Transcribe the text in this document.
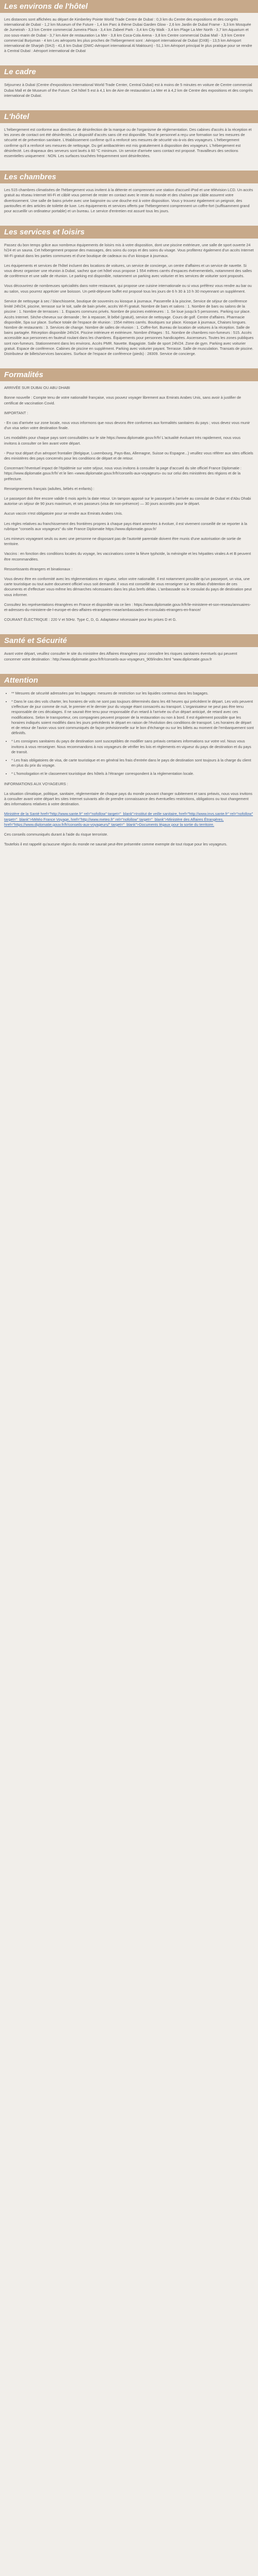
Les environs de l'hôtel

Les distances sont affichées au départ de Kimberley Pointe World Trade Centre de Dubaï : 0,3 km du Centre des expositions et des congrès international de Dubaï - 1,2 km Museum of the Future - 1,4 km Parc à thème Dubai Garden Glow - 2,6 km Jardin de Dubaï Frame - 3,3 km Mosquée de Jumeirah - 3,3 km Centre commercial Jumeira Plaza - 3,4 km Zabeel Park - 3,4 km City Walk - 3,4 km Plage La Mer North - 3,7 km Aquarium et zoo sous-marin de Dubaï - 3,7 km Aire de restauration La Mer - 3,8 km Coca-Cola Arena - 3,8 km Centre commercial Dubai Mall - 3,9 km Centre commercial Burjuman - 4 km Les aéroports les plus proches de l'hébergement sont : Aéroport international de Dubaï (DXB) - 13,5 km Aéroport international de Sharjah (SHJ) - 41,6 km Dubaï (DWC-Aéroport international Al Maktoum) - 51,1 km Aéroport principal le plus pratique pour se rendre à Central Dubaï : Aéroport international de Dubaï

Le cadre

Séjournez à Dubaï (Centre d'expositions International World Trade Center, Central Dubaï) est à moins de 5 minutes en voiture de Centre commercial Dubai Mall et de Museum of the Future. Cet hôtel 5 est à 4,1 km de Aire de restauration La Mer et à 4,2 km de Centre des expositions et des congrès international de Dubaï.

L'hôtel

L'hébergement est conforme aux directives de désinfection de la marque ou de l'organisme de réglementation. Des cabines d'accès à la réception et les zones de contact ont été désinfectés. Le dispositif d'accès sans clé est disponible. Tout le personnel a reçu une formation sur les mesures de sécurité et de prévention sanitaire. L'établissement confirme qu'il a renforcé ses mesures de sécurité vis-à-vis des voyageurs. L'hébergement confirme qu'il a renforcé ses mesures de nettoyage. Du gel antibactérien est mis gratuitement à disposition des voyageurs. L'hébergement est désinfecté. Les drapeaux des serveurs sont lavés à 60 °C minimum. Un service d'arrivée sans contact est proposé. Travailleurs des sections essentielles uniquement : NON. Les surfaces touchées fréquemment sont désinfectées.

Les chambres

Les 515 chambres climatisées de l'hébergement vous invitent à la détente et comprennent une station d'accueil iPod et une télévision LCD. Un accès gratuit au réseau Internet Wi-Fi et câblé vous permet de rester en contact avec le reste du monde et des chaînes par câble assurent votre divertissement. Une salle de bains privée avec une baignoire ou une douche est à votre disposition. Vous y trouvez également un peignoir, des pantoufles et des articles de toilette de luxe. Les équipements et services offerts par l'hébergement comprennent un coffre-fort (suffisamment grand pour accueillir un ordinateur portable) et un bureau. Le service d'entretien est assuré tous les jours.

Les services et loisirs

Passez du bon temps grâce aux nombreux équipements de loisirs mis à votre disposition, dont une piscine extérieure, une salle de sport ouverte 24 h/24 et un sauna. Cet hébergement propose des massages, des soins du corps et des soins du visage. Vous profiterez également d'un accès Internet Wi-Fi gratuit dans les parties communes et d'une boutique de cadeaux ou d'un kiosque à journaux.

Les équipements et services de l'hôtel incluent des locations de voitures, un service de concierge, un centre d'affaires et un service de navette. Si vous devez organiser une réunion à Dubaï, sachez que cet hôtel vous propose 1 554 mètres carrés d'espaces événementiels, notamment des salles de conférence et une salle de réunion. Le parking est disponible, notamment un parking avec voiturier et les services de voiturier sont proposés.

Vous découvrirez de nombreuses spécialités dans notre restaurant, qui propose une cuisine internationale ou si vous préférez vous rendre au bar ou au salon, vous pourrez apprécier une boisson. Un petit-déjeuner buffet est proposé tous les jours de 6 h 30 à 10 h 30 moyennant un supplément.

Service de nettoyage à sec / blanchisserie, boutique de souvenirs ou kiosque à journaux. Passerelle à la piscine, Service de séjour de conférence limité 24h/24, piscine, terrasse sur le toit, salle de bain privée, accès Wi-Fi gratuit. Nombre de bars et salons : 1. Nombre de bars ou salons de la piscine : 1. Nombre de terrasses : 1. Espaces communs privés. Nombre de piscines extérieures : 1. Se loue jusqu'à 5 personnes. Parking sur place. Accès Internet. Sèche-cheveux sur demande ; fer à repasser, lit bébé (gratuit), service de nettoyage. Cours de golf. Centre d'affaires. Pharmacie disponible, Spa sur place. Surface totale de l'espace de réunion : 1554 mètres carrés. Boutiques sur place. Kiosque à journaux, Chaises longues. Nombre de restaurants : 3. Services de change. Nombre de salles de réunion : 1. Coffre-fort. Bureau de location de voitures à la réception. Salle de bains partagée. Réception disponible 24h/24. Piscine intérieure et extérieure. Nombre d'étages : 51. Nombre de chambres non-fumeurs : 515. Accès accessible aux personnes en fauteuil roulant dans les chambres. Équipements pour personnes handicapées. Ascenseurs. Toutes les zones publiques sont non-fumeurs. Stationnement dans les environs. Accès PMR. Navette. Bagagiste. Salle de sport 24h/24. Zone de gym. Parking avec voiturier gratuit. Espace de conférence. Cabines de piscine en supplément. Parking avec voiturier payant. Terrasse. Salle de musculation. Transats de piscine. Distributeur de billets/services bancaires. Surface de l'espace de conférence (pieds) : 28309. Service de concierge.

Formalités

ARRIVÉE SUR DUBAI OU ABU DHABI

Bonne nouvelle : Compte tenu de votre nationalité française, vous pouvez voyager librement aux Emirats Arabes Unis, sans avoir à justifier de certificat de vaccination Covid.

IMPORTANT :

- En cas d'arrivée sur zone locale, nous vous informons que nous devons être conformes aux formalités sanitaires du pays ; vous devez vous munir d'un visa selon votre destination finale.

Les modalités pour chaque pays sont consultables sur le site https://www.diplomatie.gouv.fr/fr/ L'actualité évoluant très rapidement, nous vous invitons à consulter ce lien avant votre départ.

- Pour tout départ d'un aéroport frontalier (Belgique, Luxembourg, Pays-Bas, Allemagne, Suisse ou Espagne...) veuillez vous référer aux sites officiels des ministères des pays concernés pour les conditions de départ et de retour.

Concernant l'éventuel impact de l'épidémie sur votre séjour, nous vous invitons à consulter la page d'accueil du site officiel France Diplomatie : https://www.diplomatie.gouv.fr/fr/ et le lien «www.diplomatie.gouv.fr/fr/conseils-aux-voyageurs» ou sur celui des ministères des régions et de la préfecture.

Renseignements français (adultes, bébés et enfants) :

Le passeport doit être encore valide 6 mois après la date retour. Un tampon apposé sur le passeport à l'arrivée au consulat de Dubaï et d'Abu Dhabi autorise un séjour de 90 jours maximum, et ses passeurs (visa de non-présence) — 30 jours accordés pour le départ.

Aucun vaccin n'est obligatoire pour se rendre aux Emirats Arabes Unis.

Les règles relatives au franchissement des frontières propres à chaque pays étant amenées à évoluer, il est vivement conseillé de se reporter à la rubrique "conseils aux voyageurs" du site France Diplomatie https://www.diplomatie.gouv.fr/

Les mineurs voyageant seuls ou avec une personne ne disposant pas de l'autorité parentale doivent être munis d'une autorisation de sortie de territoire.

Vaccins : en fonction des conditions locales du voyage, les vaccinations contre la fièvre typhoïde, la méningite et les hépatites virales A et B peuvent être recommandées.

Ressortissants étrangers et binationaux :

Vous devez être en conformité avec les réglementations en vigueur, selon votre nationalité. Il est notamment possible qu'un passeport, un visa, une carte touristique ou tout autre document officiel vous soit demandé. Il vous est conseillé de vous renseigner sur les délais d'obtention de ces documents et d'effectuer vous-même les démarches nécessaires dans les plus brefs délais. L'ambassade ou le consulat du pays de destination peut vous informer.

Consultez les représentations étrangères en France et disponible via ce lien : https://www.diplomatie.gouv.fr/fr/le-ministere-et-son-reseau/annuaires-et-adresses-du-ministere-de-l-europe-et-des-affaires-etrangeres-meae/ambassades-et-consulats-etrangers-en-france/

COURANT ÉLECTRIQUE : 220 V et 50Hz. Type C, D, G. Adaptateur nécessaire pour les prises D et G.

Santé et Sécurité

Avant votre départ, veuillez consulter le site du ministère des Affaires étrangères pour connaître les risques sanitaires éventuels qui peuvent concerner votre destination : http://www.diplomatie.gouv.fr/fr/conseils-aux-voyageurs_909/index.html "www.diplomatie.gouv.fr

Attention
• ** Mesures de sécurité adressées par les bagages: mesures de restriction sur les liquides contenus dans les bagages.
• * Dans le cas des vols charter, les horaires de vols ne sont pas toujours déterminés dans les 48 heures qui précèdent le départ. Les vols peuvent s'effectuer de jour comme de nuit, le premier et le dernier jour du voyage étant consacrés au transport. L'organisateur ne peut pas être tenu responsable de ces décalages. Il ne saurait être tenu pour responsable d'un retard à l'arrivée ou d'un départ anticipé, de retard avec ces modifications. Selon le transporteur, ces compagnies peuvent proposer de la restauration ou non à bord. Il est également possible que les horaires indiqués soient modifiés dans les jours précédents le départ en raison de l'évolution des conditions de transport. Les horaires de départ et de retour de l'avion vous sont communiqués de façon prévisionnelle sur le bon d'échange ou sur les billets au moment de l'embarquement sont définitifs.
• * Les consignes sanitaires du pays de destination sont susceptibles de modifier sans préavis certaines informations sur votre vol. Nous vous invitons à vous renseigner. Nous recommandons à nos voyageurs de vérifier les lois et règlements en vigueur du pays de destination et du pays de transit.
• * Les frais obligatoires de visa, de carte touristique et en général les frais d'entrée dans le pays de destination sont toujours à la charge du client en plus du prix du voyage.
• * L'homologation et le classement touristique des hôtels à l'étranger correspondent à la réglementation locale.

INFORMATIONS AUX VOYAGEURS :

La situation climatique, politique, sanitaire, réglementaire de chaque pays du monde pouvant changer subitement et sans préavis, nous vous invitons à consulter avant votre départ les sites Internet suivants afin de prendre connaissance des éventuelles restrictions, obligations ou tout changement des informations relatives à votre destination.

Ministère de la Santé href="http://www.sante.fr" rel="nofollow" target="_blank">Institut de veille sanitaire, href="http://www.invs.sante.fr" rel="nofollow" target="_blank">Météo France Voyage, href="http://www.meteo.fr" rel="nofollow" target="_blank">Ministère des Affaires Étrangères, href="https://www.diplomatie.gouv.fr/fr/conseils-aux-voyageurs/" target="_blank">Documents légaux pour la sortie du territoire.

Ces conseils communiqués durant à l'aide du risque terroriste.

Toutefois il est rappelé qu'aucune région du monde ne saurait peut-être présentée comme exempte de tout risque pour les voyageurs.
